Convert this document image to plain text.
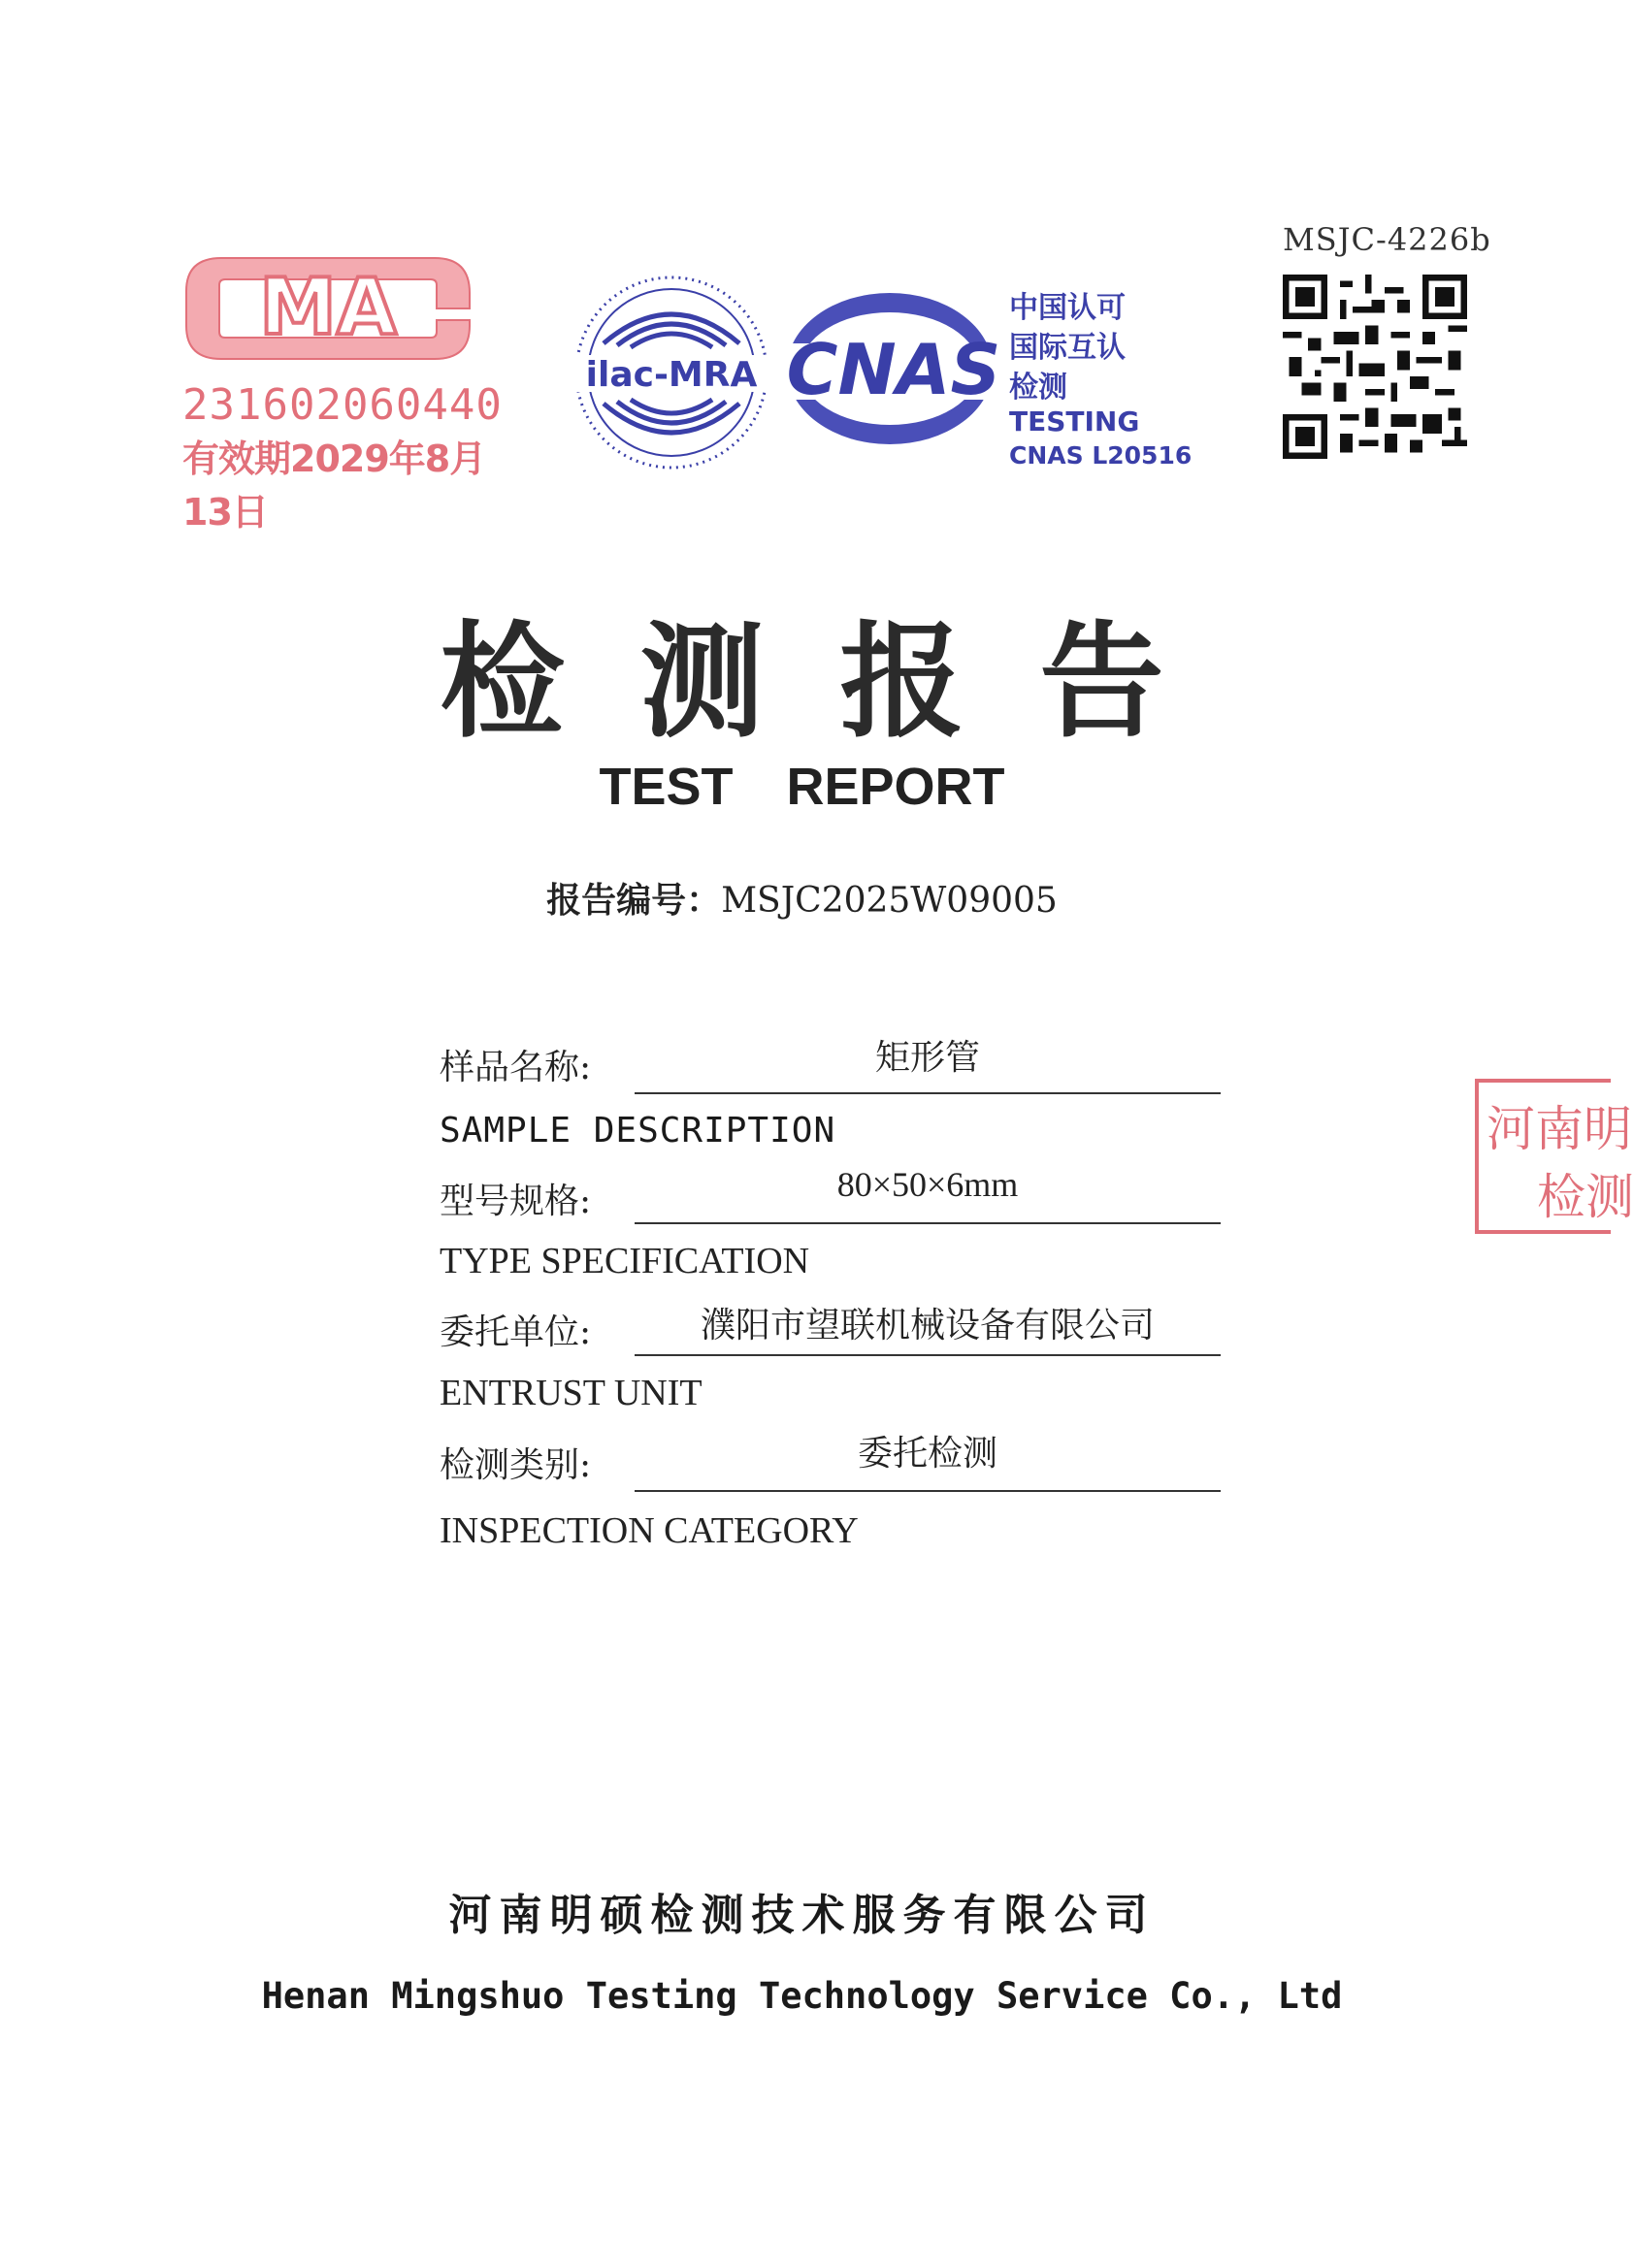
MA
231602060440
有效期2029年8月13日
ilac-MRA CNAS
中国认可
国际互认
检测
TESTING
CNAS L20516
MSJC-4226b
检测报告
TEST REPORT
报告编号：MSJC2025W09005
样品名称:	矩形管
SAMPLE DESCRIPTION
型号规格:	80×50×6mm
TYPE SPECIFICATION
委托单位:	濮阳市望联机械设备有限公司
ENTRUST UNIT
检测类别:	委托检测
INSPECTION CATEGORY
河南明硕检测技术服务有限公司
Henan Mingshuo Testing Technology Service Co., Ltd
河南明
检测
